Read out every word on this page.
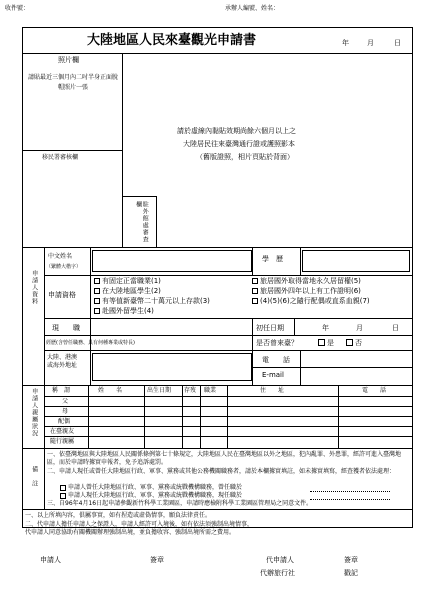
收件號：	承辦人編號、姓名：
大陸地區人民來臺觀光申請書	年	月	日
照片欄
請貼最近三個月內二吋半身正面脫帽照片一張
移民署審核欄
請於虛線內黏貼效期尚餘六個月以上之
大陸居民往來臺灣通行證或護照影本
（舊版證照，相片頁貼於背面）
駐外館處審查欄
申請人資料
中文姓名
（繁體大楷字）
學　歷
申請資格
有固定正當職業(1)
在大陸地區學生(2)
有等值新臺幣二十萬元以上存款(3)
赴國外留學生(4)
旅居國外取得當地永久居留權(5)
旅居國外四年以上有工作證明(6)
(4)(5)(6)之隨行配偶或直系血親(7)
現　　職	初任日期	年	月	日
經歷(含曾任職務、具有何種專業或特長)	是否曾來臺？	是	否
大陸、港澳或海外地址
電　　話
E-mail
申請人親屬狀況 稱　謂	姓　　名	出生日期 存歿 職業	住　　址	電　　話
父
母
配偶
在臺親友
隨行親屬
備　註
一、依臺灣地區與大陸地區人民關係條例第七十條規定，大陸地區人民在臺灣地區以外之地區，犯內亂罪、外患罪，經許可進入臺灣地區，而於申請時據實申報者，免予追訴處罰。
二、申請人現任或曾任大陸地區行政、軍事、黨務或其他公務機關職務者，請於本欄據實填註，如未據實填寫，經查獲者依法處理：
申請人曾任大陸地區行政、軍事、黨務或統戰機構職務，曾任職於
申請人現任大陸地區行政、軍事、黨務或統戰機構職務，現任職於
三、自96年4月16日起申請參觀新竹科學工業園區，申請時應檢附科學工業園區管理局之同意文件。
一、以上所填內容，俱屬事實，如有捏造或虛偽情事，願負法律責任。
二、代申請人擔任申請人之保證人，申請人經許可入境後，如有依法須強制出境情事，代申請人同意協助有關機關辦理強制出境，並負擔收容、強制出境所需之費用。
申請人	簽章	代申請人	簽章
代辦旅行社	戳記
